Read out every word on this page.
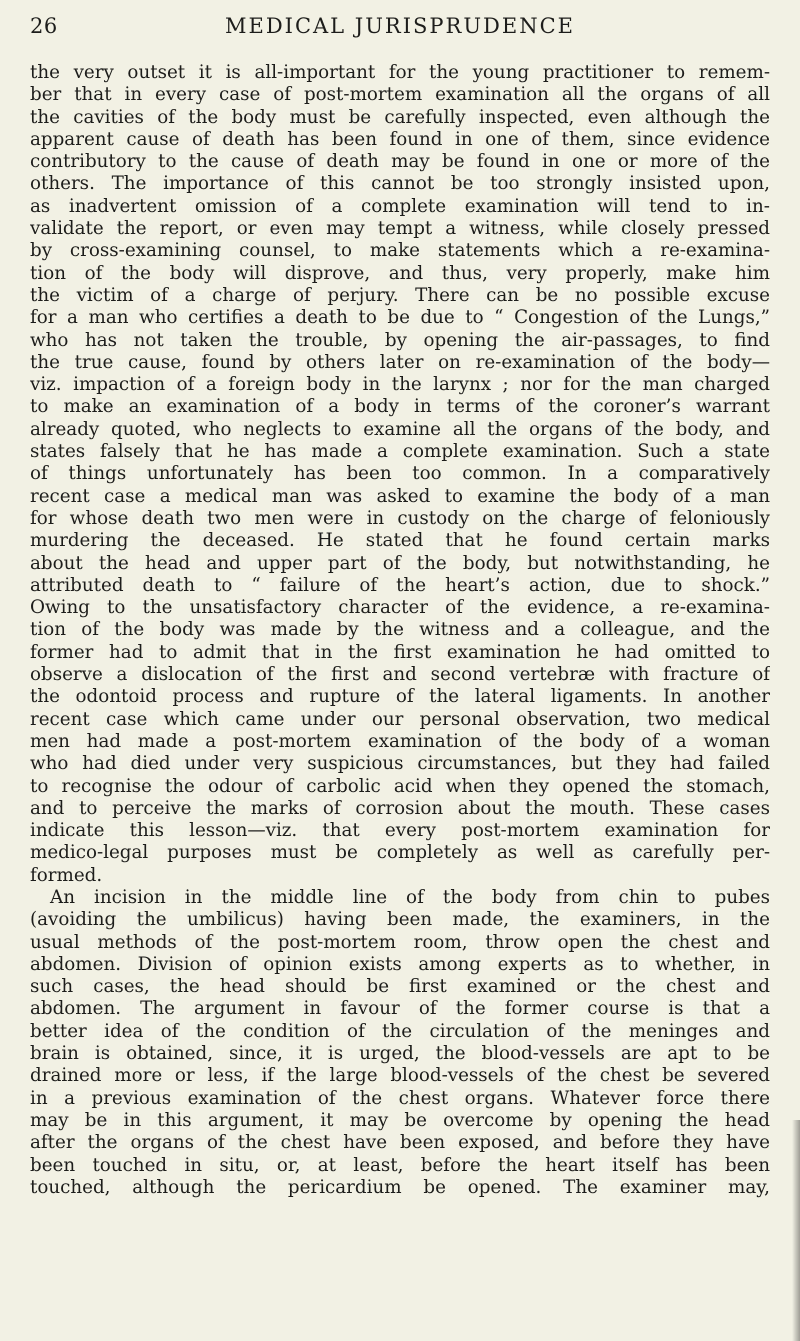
26	MEDICAL JURISPRUDENCE
the very outset it is all-important for the young practitioner to remem-
ber that in every case of post-mortem examination all the organs of all
the cavities of the body must be carefully inspected, even although the
apparent cause of death has been found in one of them, since evidence
contributory to the cause of death may be found in one or more of the
others. The importance of this cannot be too strongly insisted upon,
as inadvertent omission of a complete examination will tend to in-
validate the report, or even may tempt a witness, while closely pressed
by cross-examining counsel, to make statements which a re-examina-
tion of the body will disprove, and thus, very properly, make him
the victim of a charge of perjury. There can be no possible excuse
for a man who certifies a death to be due to “ Congestion of the Lungs,”
who has not taken the trouble, by opening the air-passages, to find
the true cause, found by others later on re-examination of the body—
viz. impaction of a foreign body in the larynx ; nor for the man charged
to make an examination of a body in terms of the coroner’s warrant
already quoted, who neglects to examine all the organs of the body, and
states falsely that he has made a complete examination. Such a state
of things unfortunately has been too common. In a comparatively
recent case a medical man was asked to examine the body of a man
for whose death two men were in custody on the charge of feloniously
murdering the deceased. He stated that he found certain marks
about the head and upper part of the body, but notwithstanding, he
attributed death to “ failure of the heart’s action, due to shock.”
Owing to the unsatisfactory character of the evidence, a re-examina-
tion of the body was made by the witness and a colleague, and the
former had to admit that in the first examination he had omitted to
observe a dislocation of the first and second vertebræ with fracture of
the odontoid process and rupture of the lateral ligaments. In another
recent case which came under our personal observation, two medical
men had made a post-mortem examination of the body of a woman
who had died under very suspicious circumstances, but they had failed
to recognise the odour of carbolic acid when they opened the stomach,
and to perceive the marks of corrosion about the mouth. These cases
indicate this lesson—viz. that every post-mortem examination for
medico-legal purposes must be completely as well as carefully per-
formed.
An incision in the middle line of the body from chin to pubes
(avoiding the umbilicus) having been made, the examiners, in the
usual methods of the post-mortem room, throw open the chest and
abdomen. Division of opinion exists among experts as to whether, in
such cases, the head should be first examined or the chest and
abdomen. The argument in favour of the former course is that a
better idea of the condition of the circulation of the meninges and
brain is obtained, since, it is urged, the blood-vessels are apt to be
drained more or less, if the large blood-vessels of the chest be severed
in a previous examination of the chest organs. Whatever force there
may be in this argument, it may be overcome by opening the head
after the organs of the chest have been exposed, and before they have
been touched in situ, or, at least, before the heart itself has been
touched, although the pericardium be opened. The examiner may,
